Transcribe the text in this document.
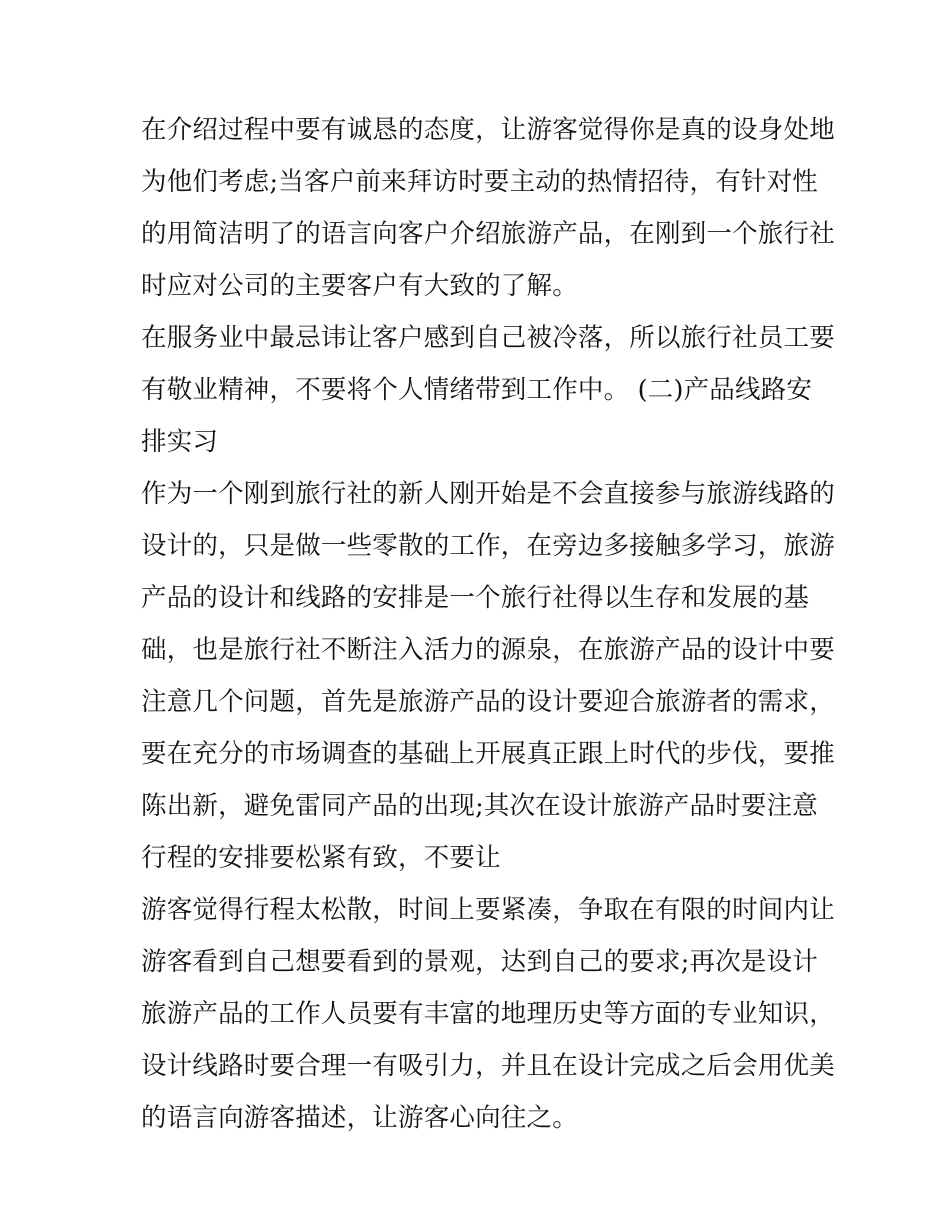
在介绍过程中要有诚恳的态度，让游客觉得你是真的设身处地
为他们考虑;当客户前来拜访时要主动的热情招待，有针对性
的用简洁明了的语言向客户介绍旅游产品，在刚到一个旅行社
时应对公司的主要客户有大致的了解。
在服务业中最忌讳让客户感到自己被冷落，所以旅行社员工要
有敬业精神，不要将个人情绪带到工作中。 (二)产品线路安
排实习
作为一个刚到旅行社的新人刚开始是不会直接参与旅游线路的
设计的，只是做一些零散的工作，在旁边多接触多学习，旅游
产品的设计和线路的安排是一个旅行社得以生存和发展的基
础，也是旅行社不断注入活力的源泉，在旅游产品的设计中要
注意几个问题，首先是旅游产品的设计要迎合旅游者的需求，
要在充分的市场调查的基础上开展真正跟上时代的步伐，要推
陈出新，避免雷同产品的出现;其次在设计旅游产品时要注意
行程的安排要松紧有致，不要让
游客觉得行程太松散，时间上要紧凑，争取在有限的时间内让
游客看到自己想要看到的景观，达到自己的要求;再次是设计
旅游产品的工作人员要有丰富的地理历史等方面的专业知识，
设计线路时要合理一有吸引力，并且在设计完成之后会用优美
的语言向游客描述，让游客心向往之。
